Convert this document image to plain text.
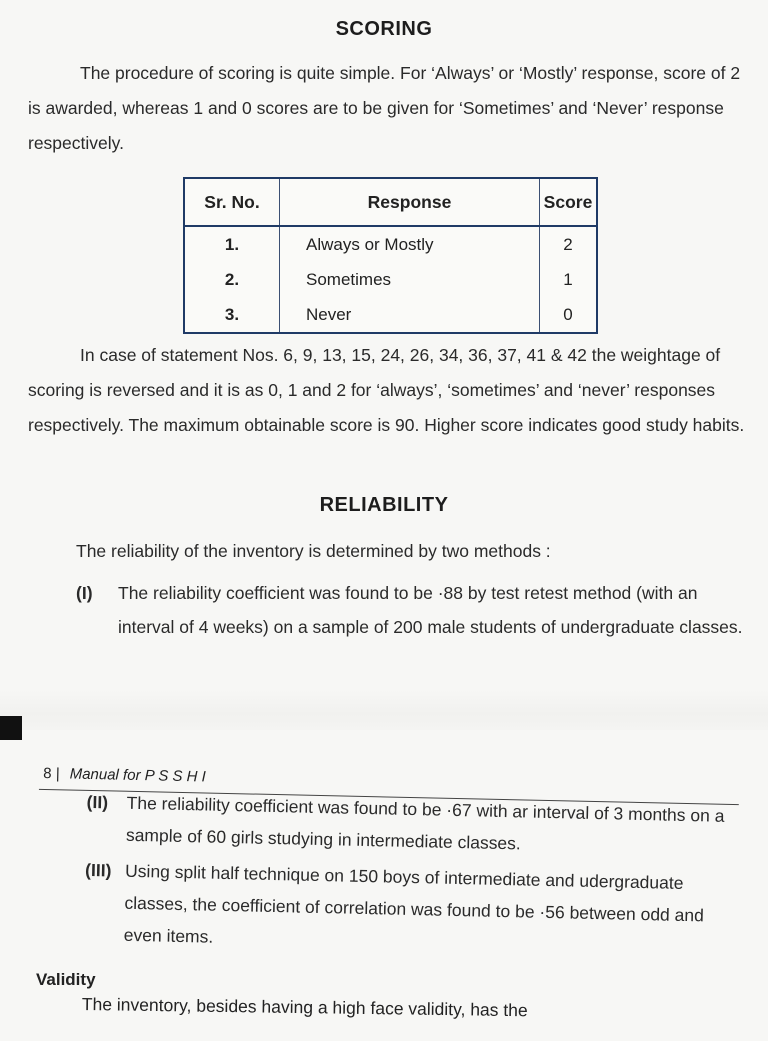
SCORING
The procedure of scoring is quite simple. For ‘Always’ or ‘Mostly’ response, score of 2 is awarded, whereas 1 and 0 scores are to be given for ‘Sometimes’ and ‘Never’ response respectively.
Sr. No.	Response	Score
1.	Always or Mostly	2
2.	Sometimes	1
3.	Never	0
In case of statement Nos. 6, 9, 13, 15, 24, 26, 34, 36, 37, 41 & 42 the weightage of scoring is reversed and it is as 0, 1 and 2 for ‘always’, ‘sometimes’ and ‘never’ responses respectively. The maximum obtainable score is 90. Higher score indicates good study habits.
RELIABILITY
The reliability of the inventory is determined by two methods :
(I) The reliability coefficient was found to be ·88 by test retest method (with an interval of 4 weeks) on a sample of 200 male students of undergraduate classes.
8 | Manual for P S S H I
(II) The reliability coefficient was found to be ·67 with ar interval of 3 months on a sample of 60 girls studying in intermediate classes.
(III) Using split half technique on 150 boys of intermediate and udergraduate classes, the coefficient of correlation was found to be ·56 between odd and even items.
Validity
The inventory, besides having a high face validity, has the
